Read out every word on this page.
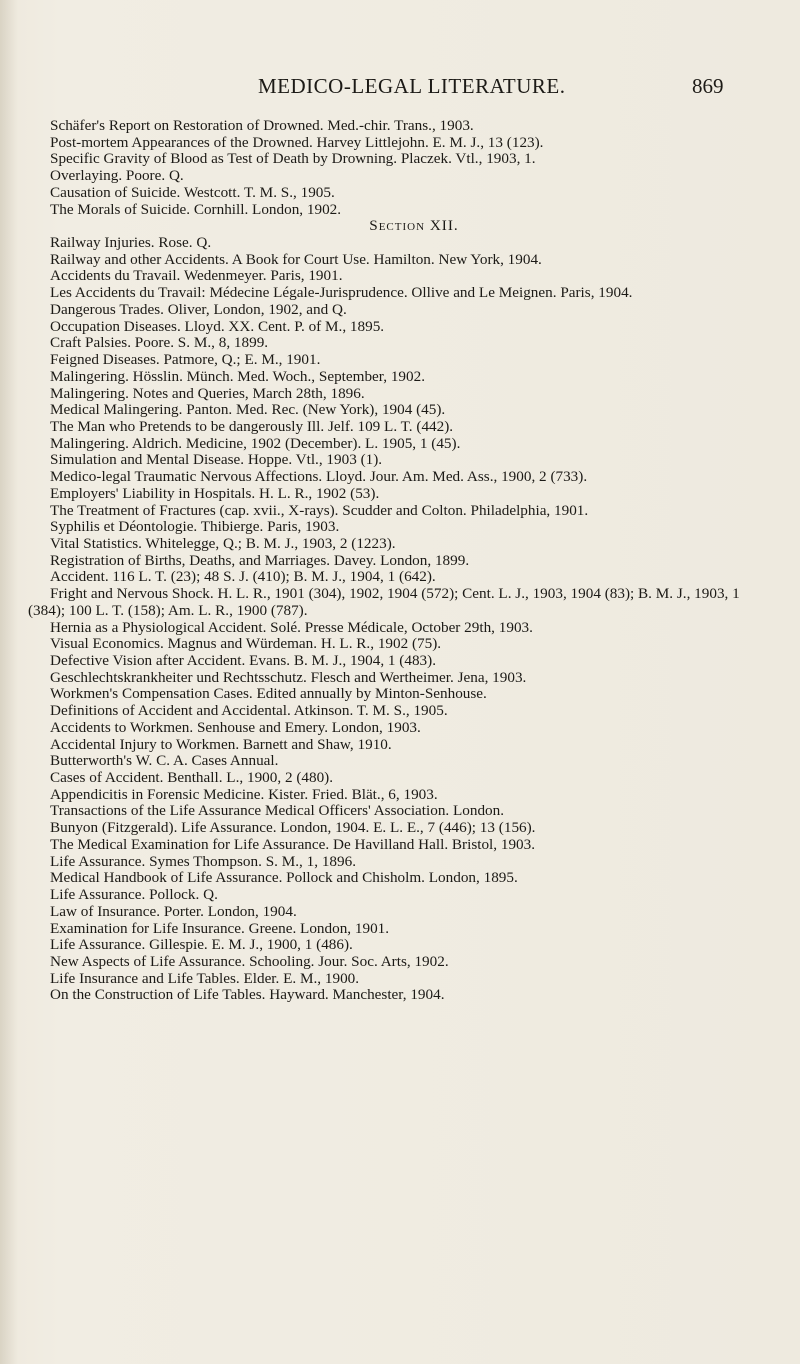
MEDICO-LEGAL LITERATURE.	869

Schäfer's Report on Restoration of Drowned. Med.-chir. Trans., 1903.

Post-mortem Appearances of the Drowned. Harvey Littlejohn. E. M. J., 13 (123).

Specific Gravity of Blood as Test of Death by Drowning. Placzek. Vtl., 1903, 1.

Overlaying. Poore. Q.

Causation of Suicide. Westcott. T. M. S., 1905.

The Morals of Suicide. Cornhill. London, 1902.

Section XII.

Railway Injuries. Rose. Q.

Railway and other Accidents. A Book for Court Use. Hamilton. New York, 1904.

Accidents du Travail. Wedenmeyer. Paris, 1901.

Les Accidents du Travail: Médecine Légale-Jurisprudence. Ollive and Le Meignen. Paris, 1904.

Dangerous Trades. Oliver, London, 1902, and Q.

Occupation Diseases. Lloyd. XX. Cent. P. of M., 1895.

Craft Palsies. Poore. S. M., 8, 1899.

Feigned Diseases. Patmore, Q.; E. M., 1901.

Malingering. Hösslin. Münch. Med. Woch., September, 1902.

Malingering. Notes and Queries, March 28th, 1896.

Medical Malingering. Panton. Med. Rec. (New York), 1904 (45).

The Man who Pretends to be dangerously Ill. Jelf. 109 L. T. (442).

Malingering. Aldrich. Medicine, 1902 (December). L. 1905, 1 (45).

Simulation and Mental Disease. Hoppe. Vtl., 1903 (1).

Medico-legal Traumatic Nervous Affections. Lloyd. Jour. Am. Med. Ass., 1900, 2 (733).

Employers' Liability in Hospitals. H. L. R., 1902 (53).

The Treatment of Fractures (cap. xvii., X-rays). Scudder and Colton. Philadelphia, 1901.

Syphilis et Déontologie. Thibierge. Paris, 1903.

Vital Statistics. Whitelegge, Q.; B. M. J., 1903, 2 (1223).

Registration of Births, Deaths, and Marriages. Davey. London, 1899.

Accident. 116 L. T. (23); 48 S. J. (410); B. M. J., 1904, 1 (642).

Fright and Nervous Shock. H. L. R., 1901 (304), 1902, 1904 (572); Cent. L. J., 1903, 1904 (83); B. M. J., 1903, 1 (384); 100 L. T. (158); Am. L. R., 1900 (787).

Hernia as a Physiological Accident. Solé. Presse Médicale, October 29th, 1903.

Visual Economics. Magnus and Würdeman. H. L. R., 1902 (75).

Defective Vision after Accident. Evans. B. M. J., 1904, 1 (483).

Geschlechtskrankheiter und Rechtsschutz. Flesch and Wertheimer. Jena, 1903.

Workmen's Compensation Cases. Edited annually by Minton-Senhouse.

Definitions of Accident and Accidental. Atkinson. T. M. S., 1905.

Accidents to Workmen. Senhouse and Emery. London, 1903.

Accidental Injury to Workmen. Barnett and Shaw, 1910.

Butterworth's W. C. A. Cases Annual.

Cases of Accident. Benthall. L., 1900, 2 (480).

Appendicitis in Forensic Medicine. Kister. Fried. Blät., 6, 1903.

Transactions of the Life Assurance Medical Officers' Association. London.

Bunyon (Fitzgerald). Life Assurance. London, 1904. E. L. E., 7 (446); 13 (156).

The Medical Examination for Life Assurance. De Havilland Hall. Bristol, 1903.

Life Assurance. Symes Thompson. S. M., 1, 1896.

Medical Handbook of Life Assurance. Pollock and Chisholm. London, 1895.

Life Assurance. Pollock. Q.

Law of Insurance. Porter. London, 1904.

Examination for Life Insurance. Greene. London, 1901.

Life Assurance. Gillespie. E. M. J., 1900, 1 (486).

New Aspects of Life Assurance. Schooling. Jour. Soc. Arts, 1902.

Life Insurance and Life Tables. Elder. E. M., 1900.

On the Construction of Life Tables. Hayward. Manchester, 1904.
